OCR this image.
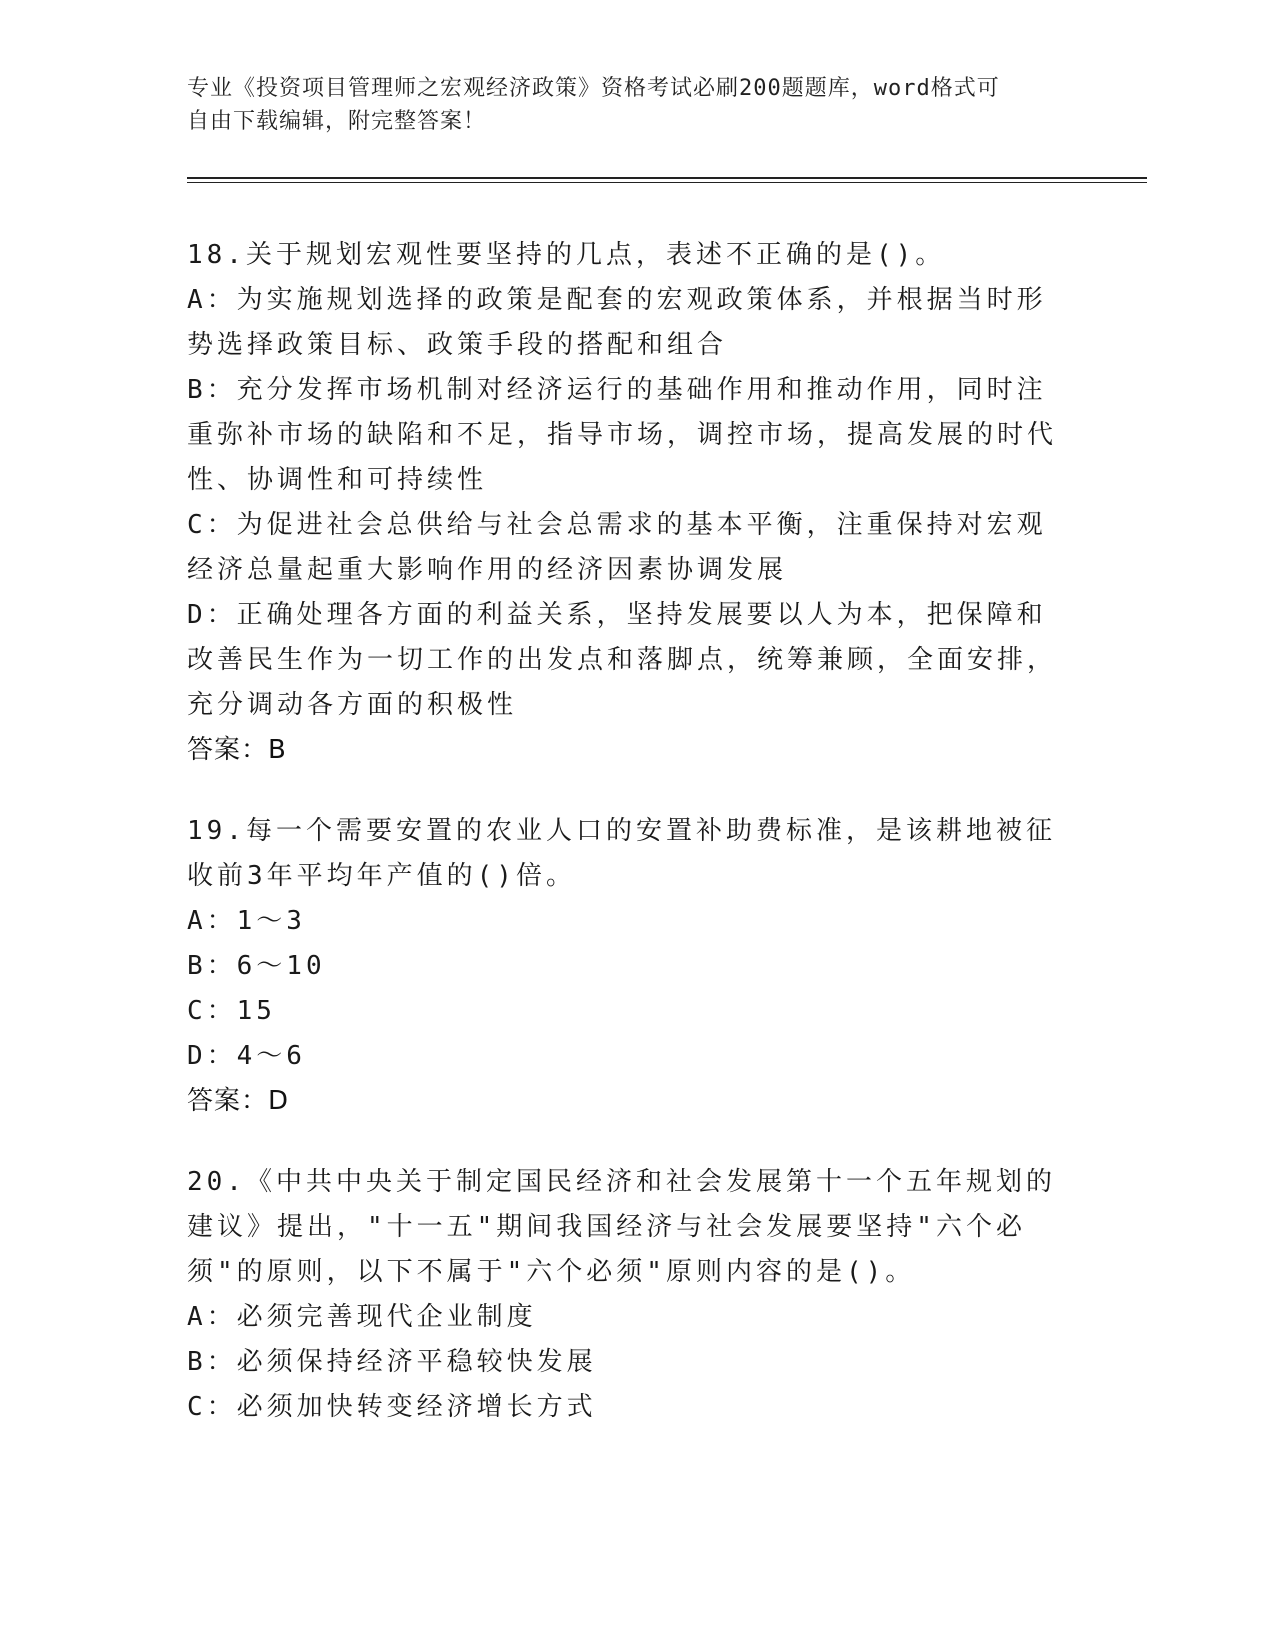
专业《投资项目管理师之宏观经济政策》资格考试必刷200题题库，word格式可
自由下载编辑，附完整答案！

18.关于规划宏观性要坚持的几点，表述不正确的是()。

A：为实施规划选择的政策是配套的宏观政策体系，并根据当时形势选择政策目标、政策手段的搭配和组合

B：充分发挥市场机制对经济运行的基础作用和推动作用，同时注重弥补市场的缺陷和不足，指导市场，调控市场，提高发展的时代性、协调性和可持续性

C：为促进社会总供给与社会总需求的基本平衡，注重保持对宏观经济总量起重大影响作用的经济因素协调发展

D：正确处理各方面的利益关系，坚持发展要以人为本，把保障和改善民生作为一切工作的出发点和落脚点，统筹兼顾，全面安排，充分调动各方面的积极性

答案：B

19.每一个需要安置的农业人口的安置补助费标准，是该耕地被征收前3年平均年产值的()倍。

A：1～3

B：6～10

C：15

D：4～6

答案：D

20.《中共中央关于制定国民经济和社会发展第十一个五年规划的建议》提出，"十一五"期间我国经济与社会发展要坚持"六个必须"的原则，以下不属于"六个必须"原则内容的是()。

A：必须完善现代企业制度

B：必须保持经济平稳较快发展

C：必须加快转变经济增长方式
